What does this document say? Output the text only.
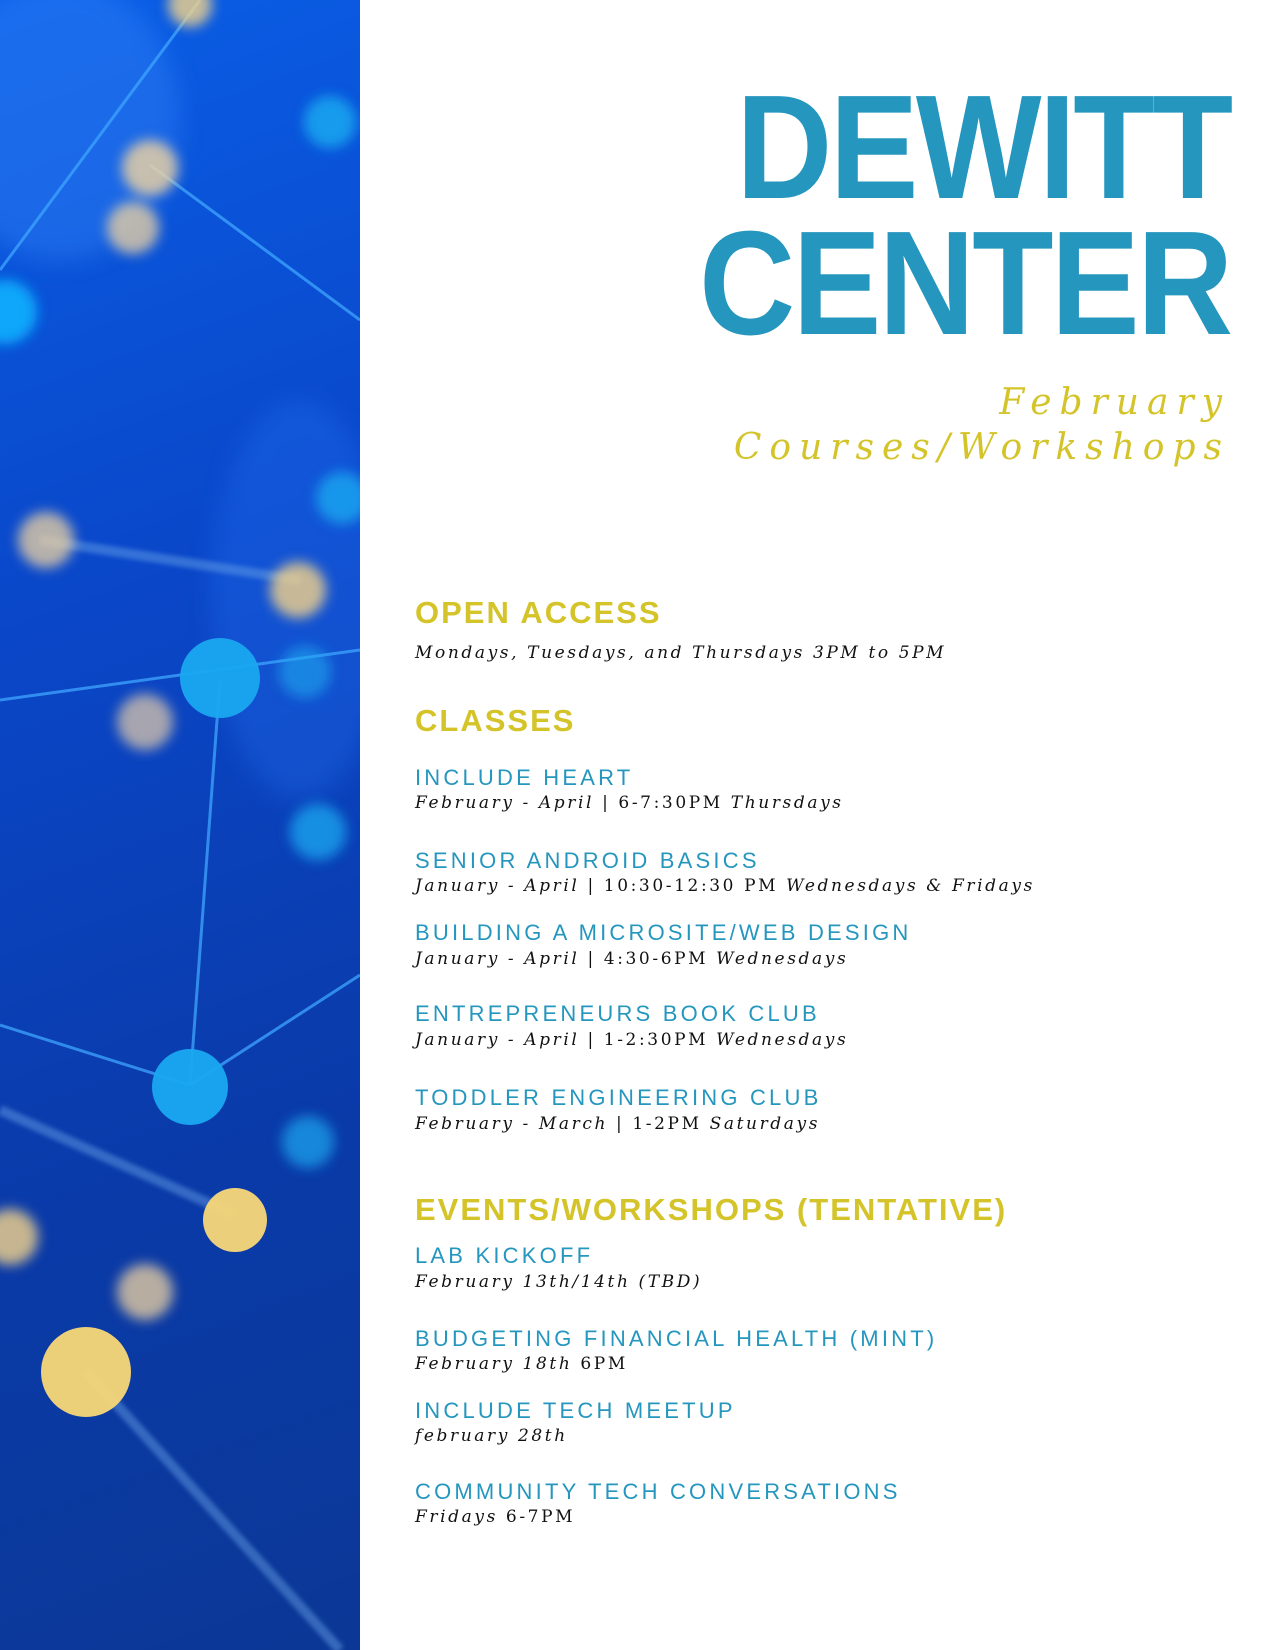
DEWITT
CENTER
February
Courses/Workshops
OPEN ACCESS
Mondays, Tuesdays, and Thursdays 3PM to 5PM
CLASSES
INCLUDE HEART
February - April | 6-7:30PM Thursdays
SENIOR ANDROID BASICS
January - April | 10:30-12:30 PM Wednesdays & Fridays
BUILDING A MICROSITE/WEB DESIGN
January - April | 4:30-6PM Wednesdays
ENTREPRENEURS BOOK CLUB
January - April | 1-2:30PM Wednesdays
TODDLER ENGINEERING CLUB
February - March | 1-2PM Saturdays
EVENTS/WORKSHOPS (TENTATIVE)
LAB KICKOFF
February 13th/14th (TBD)
BUDGETING FINANCIAL HEALTH (MINT)
February 18th 6PM
INCLUDE TECH MEETUP
february 28th
COMMUNITY TECH CONVERSATIONS
Fridays 6-7PM
